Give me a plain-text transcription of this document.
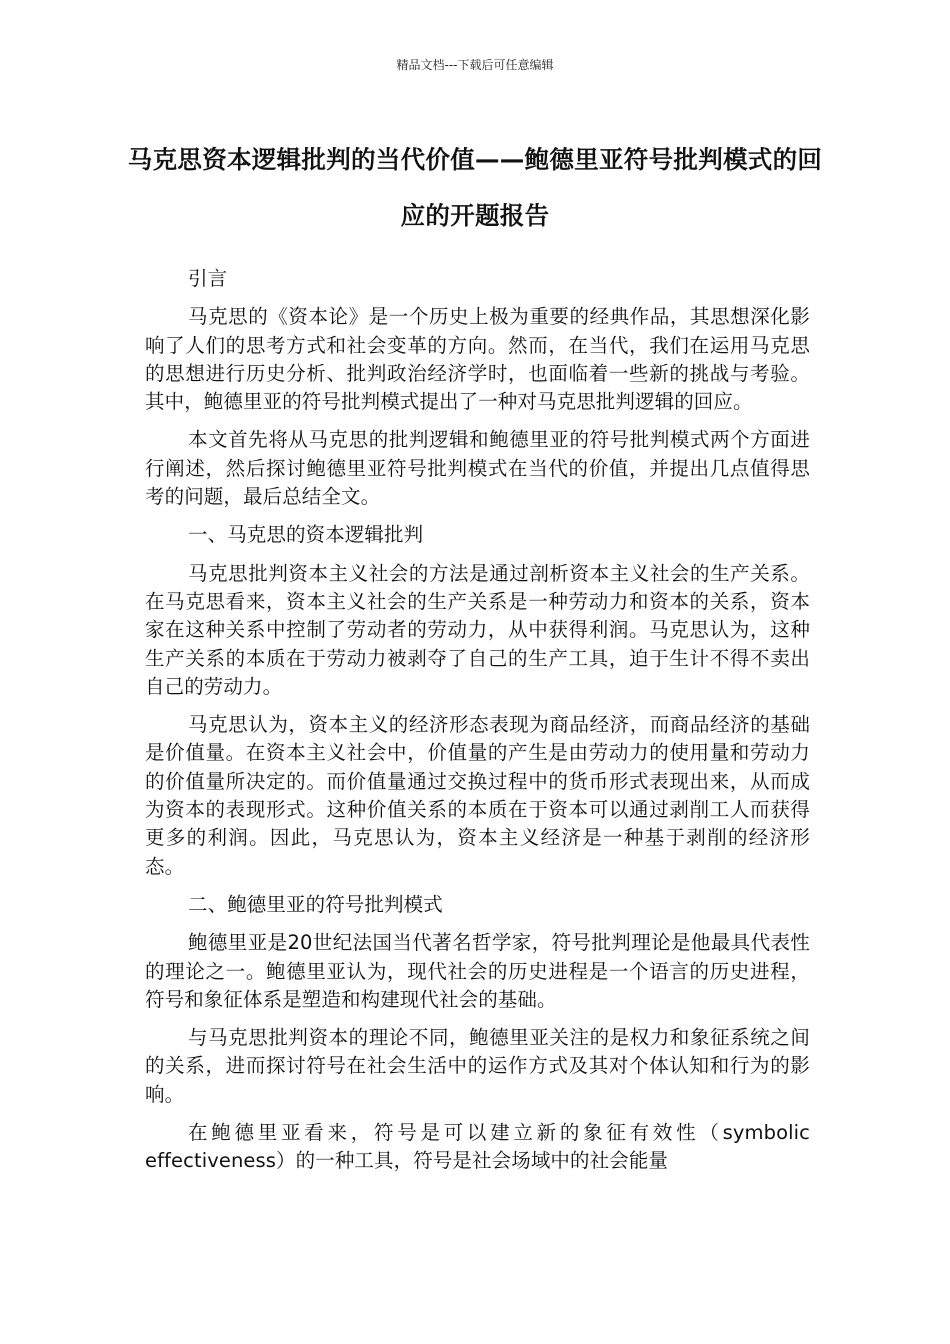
精品文档---下载后可任意编辑
马克思资本逻辑批判的当代价值——鲍德里亚符号批判模式的回应的开题报告

引言

马克思的《资本论》是一个历史上极为重要的经典作品，其思想深化影响了人们的思考方式和社会变革的方向。然而，在当代，我们在运用马克思的思想进行历史分析、批判政治经济学时，也面临着一些新的挑战与考验。其中，鲍德里亚的符号批判模式提出了一种对马克思批判逻辑的回应。

本文首先将从马克思的批判逻辑和鲍德里亚的符号批判模式两个方面进行阐述，然后探讨鲍德里亚符号批判模式在当代的价值，并提出几点值得思考的问题，最后总结全文。

一、马克思的资本逻辑批判

马克思批判资本主义社会的方法是通过剖析资本主义社会的生产关系。在马克思看来，资本主义社会的生产关系是一种劳动力和资本的关系，资本家在这种关系中控制了劳动者的劳动力，从中获得利润。马克思认为，这种生产关系的本质在于劳动力被剥夺了自己的生产工具，迫于生计不得不卖出自己的劳动力。

马克思认为，资本主义的经济形态表现为商品经济，而商品经济的基础是价值量。在资本主义社会中，价值量的产生是由劳动力的使用量和劳动力的价值量所决定的。而价值量通过交换过程中的货币形式表现出来，从而成为资本的表现形式。这种价值关系的本质在于资本可以通过剥削工人而获得更多的利润。因此，马克思认为，资本主义经济是一种基于剥削的经济形态。

二、鲍德里亚的符号批判模式

鲍德里亚是20世纪法国当代著名哲学家，符号批判理论是他最具代表性的理论之一。鲍德里亚认为，现代社会的历史进程是一个语言的历史进程，符号和象征体系是塑造和构建现代社会的基础。

与马克思批判资本的理论不同，鲍德里亚关注的是权力和象征系统之间的关系，进而探讨符号在社会生活中的运作方式及其对个体认知和行为的影响。

在鲍德里亚看来，符号是可以建立新的象征有效性（symbolic effectiveness）的一种工具，符号是社会场域中的社会能量
